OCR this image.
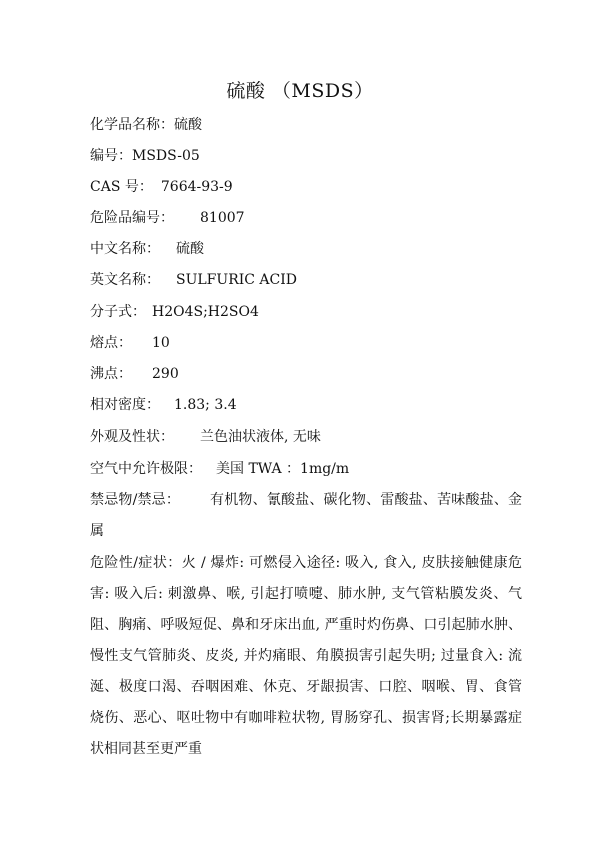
硫酸 （MSDS）
化学品名称：硫酸
编号：MSDS-05
CAS 号： 7664-93-9
危险品编号： 81007
中文名称： 硫酸
英文名称： SULFURIC ACID
分子式： H2O4S;H2SO4
熔点： 10
沸点： 290
相对密度： 1.83; 3.4
外观及性状： 兰色油状液体, 无味
空气中允许极限： 美国 TWA ：1mg/m
禁忌物/禁忌： 有机物、氰酸盐、碳化物、雷酸盐、苦味酸盐、金属
危险性/症状：火 / 爆炸: 可燃侵入途径: 吸入, 食入, 皮肤接触健康危害: 吸入后: 刺激鼻、喉, 引起打喷嚏、肺水肿, 支气管粘膜发炎、气阻、胸痛、呼吸短促、鼻和牙床出血, 严重时灼伤鼻、口引起肺水肿、慢性支气管肺炎、皮炎, 并灼痛眼、角膜损害引起失明; 过量食入: 流涎、极度口渴、吞咽困难、休克、牙龈损害、口腔、咽喉、胃、食管烧伤、恶心、呕吐物中有咖啡粒状物, 胃肠穿孔、损害肾;长期暴露症状相同甚至更严重
